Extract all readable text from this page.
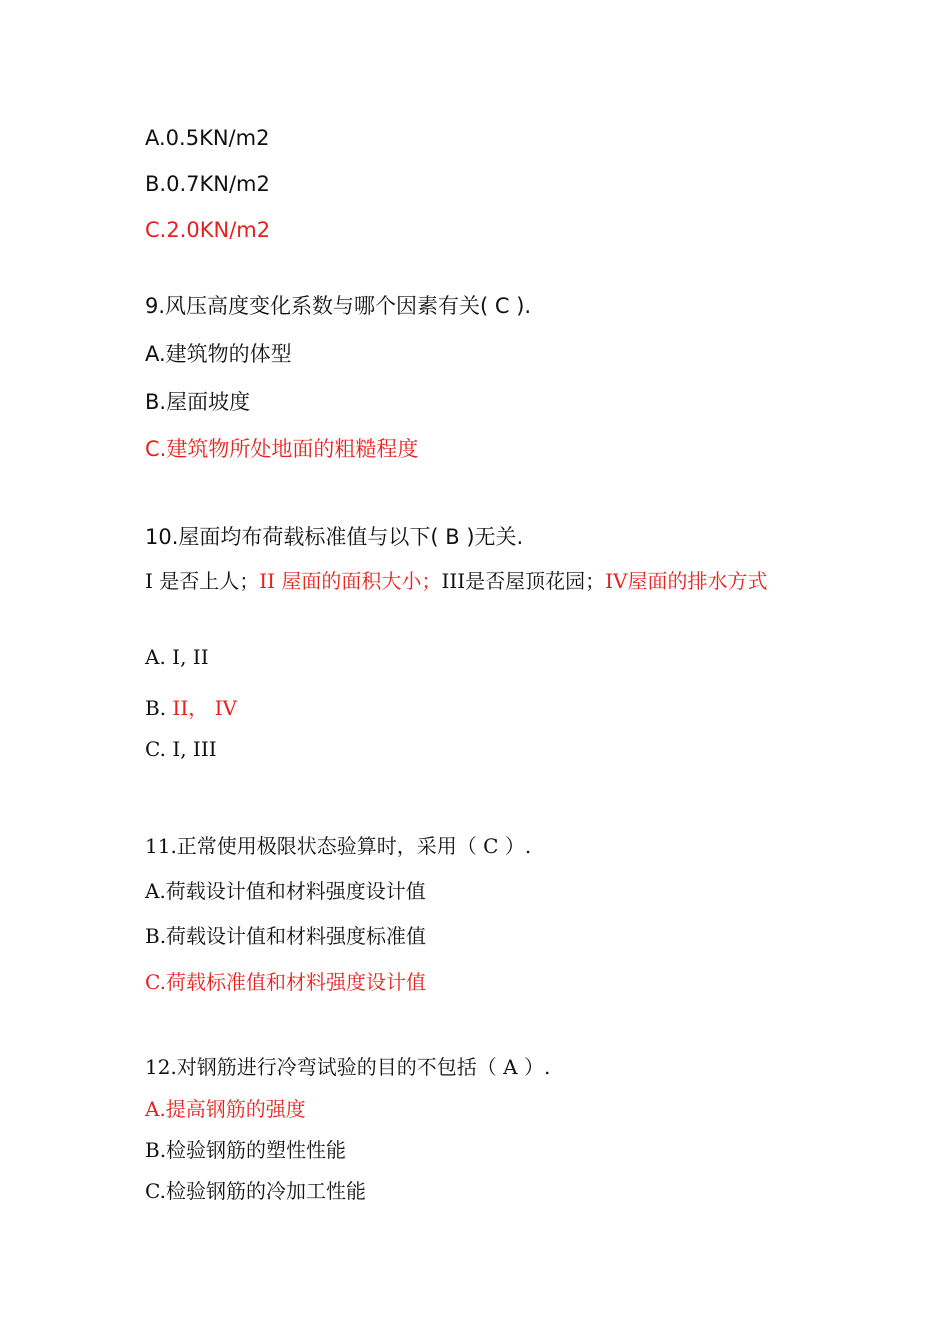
A.0.5KN/m2
B.0.7KN/m2
C.2.0KN/m2
9.风压高度变化系数与哪个因素有关( C ).
A.建筑物的体型
B.屋面坡度
C.建筑物所处地面的粗糙程度
10.屋面均布荷载标准值与以下( B )无关.
I 是否上人；II 屋面的面积大小；III是否屋顶花园；IV屋面的排水方式
A. I, II
B. II， IV
C. I, III
11.正常使用极限状态验算时，采用（ C ）.
A.荷载设计值和材料强度设计值
B.荷载设计值和材料强度标准值
C.荷载标准值和材料强度设计值
12.对钢筋进行冷弯试验的目的不包括（ A ）.
A.提高钢筋的强度
B.检验钢筋的塑性性能
C.检验钢筋的冷加工性能
